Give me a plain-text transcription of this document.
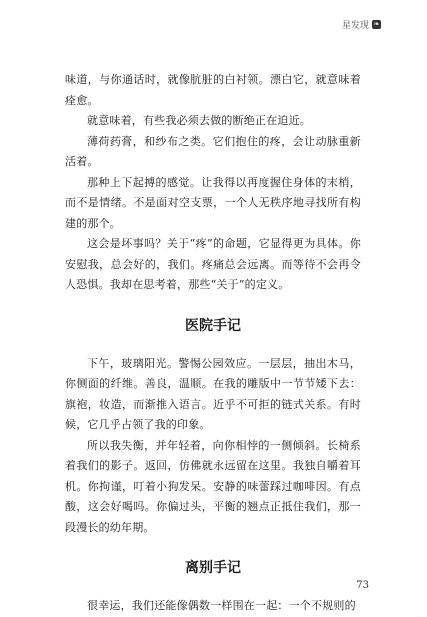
星发现 ❧

味道，与你通话时，就像肮脏的白衬领。漂白它，就意味着痊愈。

就意味着，有些我必须去做的断绝正在迫近。

薄荷药膏，和纱布之类。它们抱住的疼，会让动脉重新活着。

那种上下起搏的感觉。让我得以再度握住身体的末梢，而不是情绪。不是面对空支票，一个人无秩序地寻找所有构建的那个。

这会是坏事吗？关于“疼”的命题，它显得更为具体。你安慰我，总会好的，我们。疼痛总会远离。而等待不会再令人恐惧。我却在思考着，那些“关于”的定义。

医院手记

下午，玻璃阳光。警惕公园效应。一层层，抽出木马，你侧面的纤维。善良，温顺。在我的雕版中一节节矮下去：旗袍，妆造，而渐推入语言。近乎不可拒的链式关系。有时候，它几乎占领了我的印象。

所以我失衡，并年轻着，向你相悖的一侧倾斜。长椅系着我们的影子。返回，仿佛就永远留在这里。我独自嚼着耳机。你拘谨，叮着小狗发呆。安静的味蕾踩过咖啡因。有点酸，这会好喝吗。你偏过头，平衡的翘点正抵住我们，那一段漫长的幼年期。

离别手记

很幸运，我们还能像偶数一样围在一起：一个不规则的

73
